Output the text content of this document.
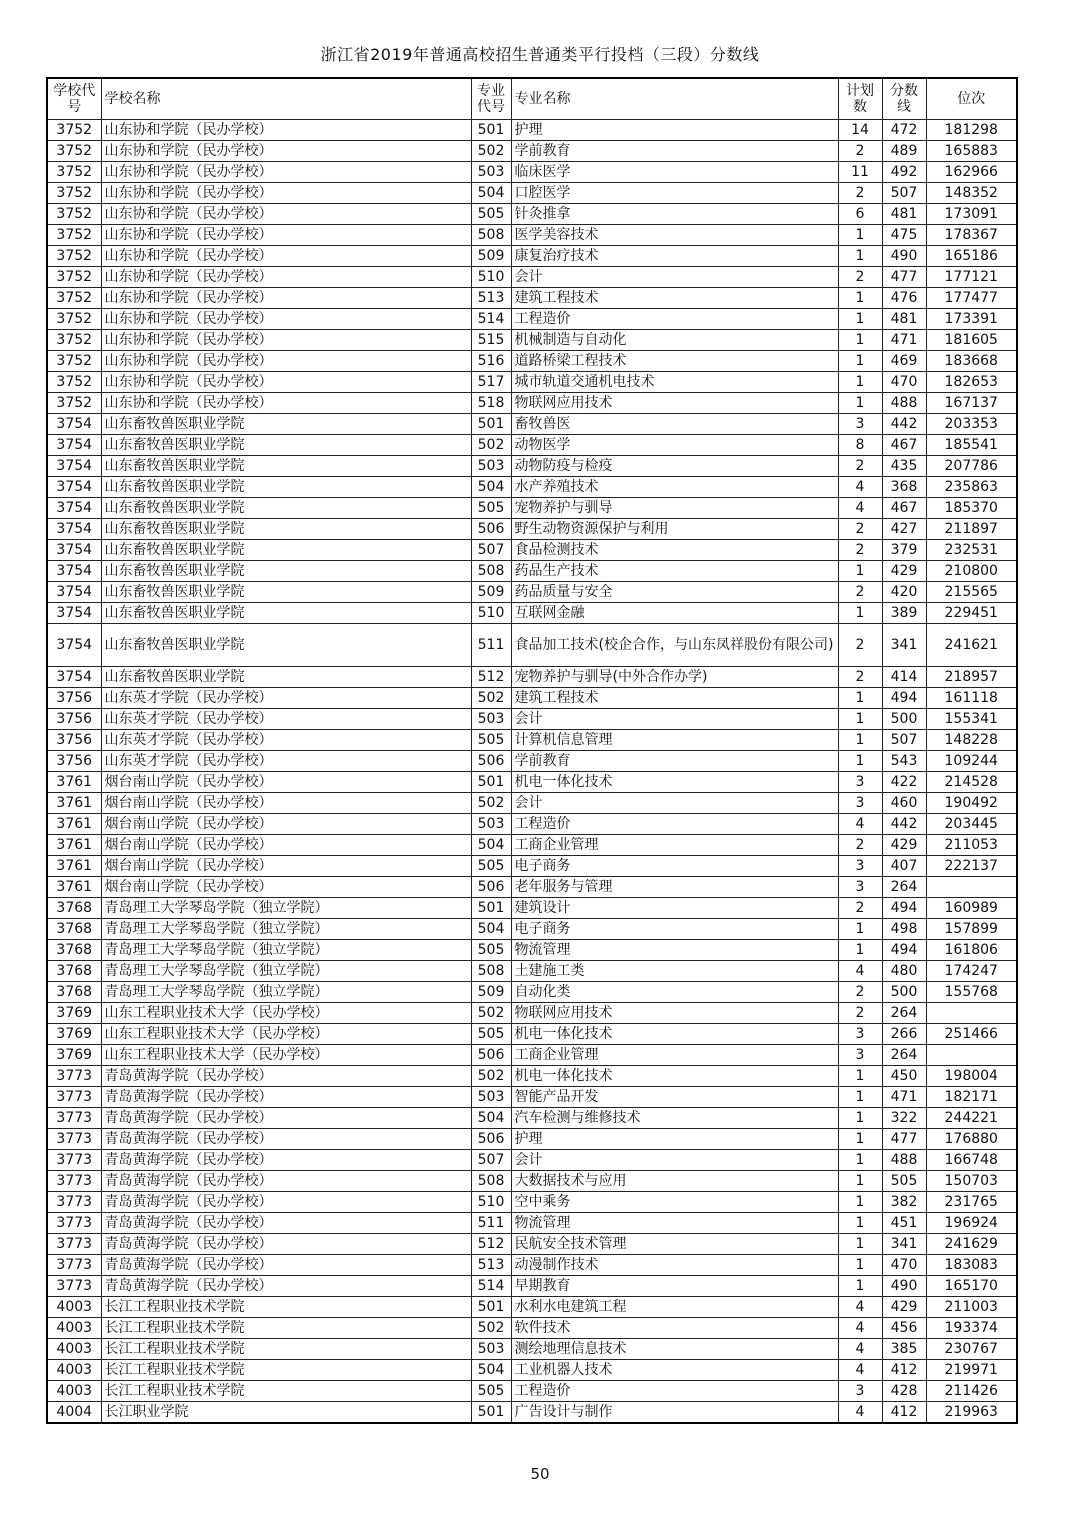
浙江省2019年普通高校招生普通类平行投档（三段）分数线
学校代号	学校名称	专业代号	专业名称	计划数	分数线	位次
3752	山东协和学院（民办学校）	501	护理	14	472	181298
3752	山东协和学院（民办学校）	502	学前教育	2	489	165883
3752	山东协和学院（民办学校）	503	临床医学	11	492	162966
3752	山东协和学院（民办学校）	504	口腔医学	2	507	148352
3752	山东协和学院（民办学校）	505	针灸推拿	6	481	173091
3752	山东协和学院（民办学校）	508	医学美容技术	1	475	178367
3752	山东协和学院（民办学校）	509	康复治疗技术	1	490	165186
3752	山东协和学院（民办学校）	510	会计	2	477	177121
3752	山东协和学院（民办学校）	513	建筑工程技术	1	476	177477
3752	山东协和学院（民办学校）	514	工程造价	1	481	173391
3752	山东协和学院（民办学校）	515	机械制造与自动化	1	471	181605
3752	山东协和学院（民办学校）	516	道路桥梁工程技术	1	469	183668
3752	山东协和学院（民办学校）	517	城市轨道交通机电技术	1	470	182653
3752	山东协和学院（民办学校）	518	物联网应用技术	1	488	167137
3754	山东畜牧兽医职业学院	501	畜牧兽医	3	442	203353
3754	山东畜牧兽医职业学院	502	动物医学	8	467	185541
3754	山东畜牧兽医职业学院	503	动物防疫与检疫	2	435	207786
3754	山东畜牧兽医职业学院	504	水产养殖技术	4	368	235863
3754	山东畜牧兽医职业学院	505	宠物养护与驯导	4	467	185370
3754	山东畜牧兽医职业学院	506	野生动物资源保护与利用	2	427	211897
3754	山东畜牧兽医职业学院	507	食品检测技术	2	379	232531
3754	山东畜牧兽医职业学院	508	药品生产技术	1	429	210800
3754	山东畜牧兽医职业学院	509	药品质量与安全	2	420	215565
3754	山东畜牧兽医职业学院	510	互联网金融	1	389	229451
3754	山东畜牧兽医职业学院	511	食品加工技术(校企合作，与山东凤祥股份有限公司)	2	341	241621
3754	山东畜牧兽医职业学院	512	宠物养护与驯导(中外合作办学)	2	414	218957
3756	山东英才学院（民办学校）	502	建筑工程技术	1	494	161118
3756	山东英才学院（民办学校）	503	会计	1	500	155341
3756	山东英才学院（民办学校）	505	计算机信息管理	1	507	148228
3756	山东英才学院（民办学校）	506	学前教育	1	543	109244
3761	烟台南山学院（民办学校）	501	机电一体化技术	3	422	214528
3761	烟台南山学院（民办学校）	502	会计	3	460	190492
3761	烟台南山学院（民办学校）	503	工程造价	4	442	203445
3761	烟台南山学院（民办学校）	504	工商企业管理	2	429	211053
3761	烟台南山学院（民办学校）	505	电子商务	3	407	222137
3761	烟台南山学院（民办学校）	506	老年服务与管理	3	264	
3768	青岛理工大学琴岛学院（独立学院）	501	建筑设计	2	494	160989
3768	青岛理工大学琴岛学院（独立学院）	504	电子商务	1	498	157899
3768	青岛理工大学琴岛学院（独立学院）	505	物流管理	1	494	161806
3768	青岛理工大学琴岛学院（独立学院）	508	土建施工类	4	480	174247
3768	青岛理工大学琴岛学院（独立学院）	509	自动化类	2	500	155768
3769	山东工程职业技术大学（民办学校）	502	物联网应用技术	2	264	
3769	山东工程职业技术大学（民办学校）	505	机电一体化技术	3	266	251466
3769	山东工程职业技术大学（民办学校）	506	工商企业管理	3	264	
3773	青岛黄海学院（民办学校）	502	机电一体化技术	1	450	198004
3773	青岛黄海学院（民办学校）	503	智能产品开发	1	471	182171
3773	青岛黄海学院（民办学校）	504	汽车检测与维修技术	1	322	244221
3773	青岛黄海学院（民办学校）	506	护理	1	477	176880
3773	青岛黄海学院（民办学校）	507	会计	1	488	166748
3773	青岛黄海学院（民办学校）	508	大数据技术与应用	1	505	150703
3773	青岛黄海学院（民办学校）	510	空中乘务	1	382	231765
3773	青岛黄海学院（民办学校）	511	物流管理	1	451	196924
3773	青岛黄海学院（民办学校）	512	民航安全技术管理	1	341	241629
3773	青岛黄海学院（民办学校）	513	动漫制作技术	1	470	183083
3773	青岛黄海学院（民办学校）	514	早期教育	1	490	165170
4003	长江工程职业技术学院	501	水利水电建筑工程	4	429	211003
4003	长江工程职业技术学院	502	软件技术	4	456	193374
4003	长江工程职业技术学院	503	测绘地理信息技术	4	385	230767
4003	长江工程职业技术学院	504	工业机器人技术	4	412	219971
4003	长江工程职业技术学院	505	工程造价	3	428	211426
4004	长江职业学院	501	广告设计与制作	4	412	219963
50
